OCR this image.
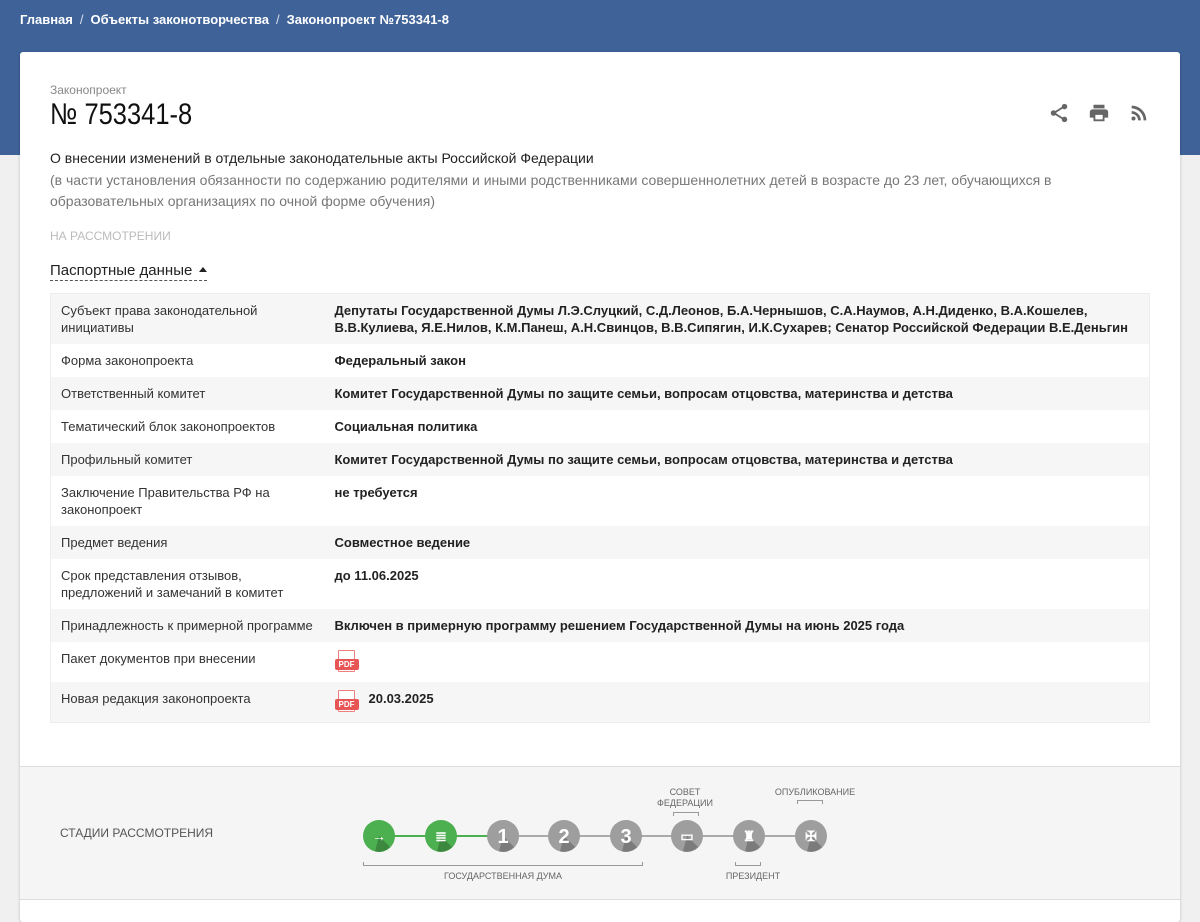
Главная / Объекты законотворчества / Законопроект №753341-8
Законопроект
№ 753341-8
О внесении изменений в отдельные законодательные акты Российской Федерации
(в части установления обязанности по содержанию родителями и иными родственниками совершеннолетних детей в возрасте до 23 лет, обучающихся в образовательных организациях по очной форме обучения)
НА РАССМОТРЕНИИ
Паспортные данные
Субъект права законодательной инициативы	Депутаты Государственной Думы Л.Э.Слуцкий, С.Д.Леонов, Б.А.Чернышов, С.А.Наумов, А.Н.Диденко, В.А.Кошелев, В.В.Кулиева, Я.Е.Нилов, К.М.Панеш, А.Н.Свинцов, В.В.Сипягин, И.К.Сухарев; Сенатор Российской Федерации В.Е.Деньгин
Форма законопроекта	Федеральный закон
Ответственный комитет	Комитет Государственной Думы по защите семьи, вопросам отцовства, материнства и детства
Тематический блок законопроектов	Социальная политика
Профильный комитет	Комитет Государственной Думы по защите семьи, вопросам отцовства, материнства и детства
Заключение Правительства РФ на законопроект	не требуется
Предмет ведения	Совместное ведение
Срок представления отзывов, предложений и замечаний в комитет	до 11.06.2025
Принадлежность к примерной программе	Включен в примерную программу решением Государственной Думы на июнь 2025 года
Пакет документов при внесении	PDF

Новая редакция законопроекта	PDF 20.03.2025
СТАДИИ РАССМОТРЕНИЯ	→	≣	1 2	3	▭	♜	✠
СОВЕТ ФЕДЕРАЦИИ
ОПУБЛИКОВАНИЕ
ГОСУДАРСТВЕННАЯ ДУМА	ПРЕЗИДЕНТ
